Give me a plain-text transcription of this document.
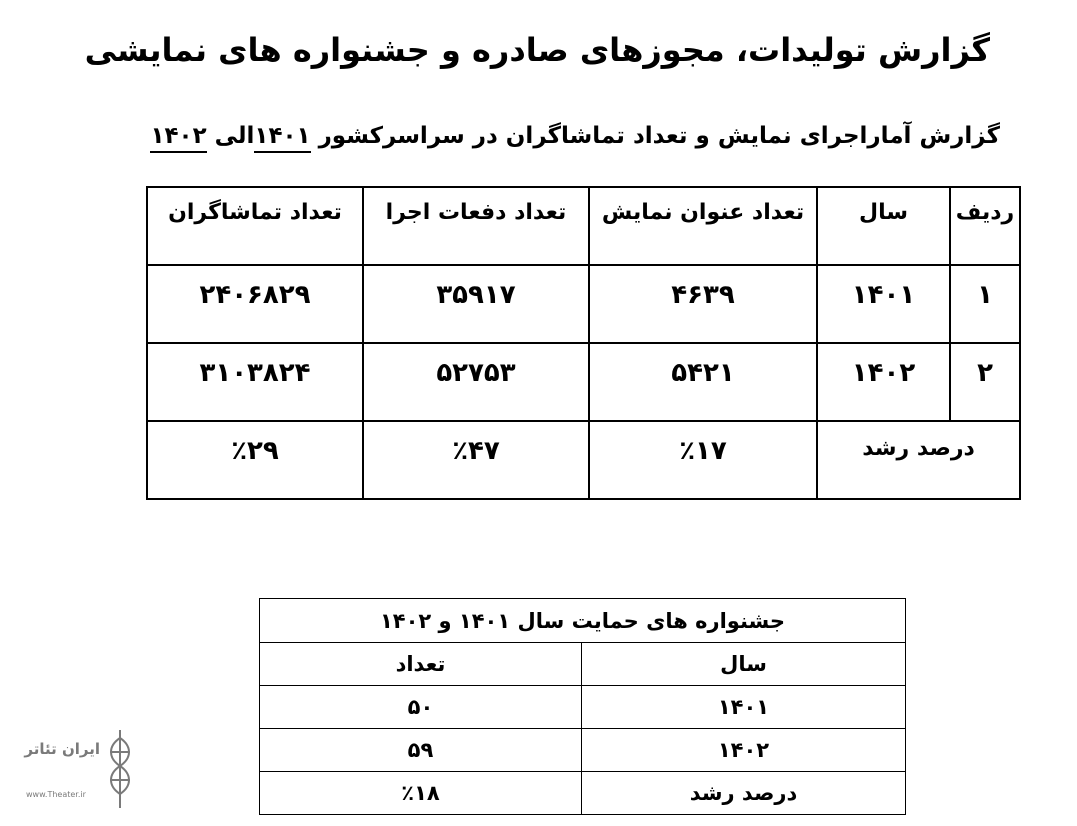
گزارش تولیدات، مجوزهای صادره و جشنواره های نمایشی
گزارش آماراجرای نمایش و تعداد تماشاگران در سراسرکشور ۱۴۰۱الی ۱۴۰۲
ردیف	سال	تعداد عنوان نمایش	تعداد دفعات اجرا	تعداد تماشاگران
۱	۱۴۰۱	۴۶۳۹	۳۵۹۱۷	۲۴۰۶۸۲۹
۲	۱۴۰۲	۵۴۲۱	۵۲۷۵۳	۳۱۰۳۸۲۴
درصد رشد		٪۱۷	٪۴۷	٪۲۹
جشنواره های حمایت سال ۱۴۰۱ و ۱۴۰۲	
سال	تعداد
۱۴۰۱	۵۰
۱۴۰۲	۵۹
درصد رشد	٪۱۸
ایران تئاتر
www.Theater.ir
